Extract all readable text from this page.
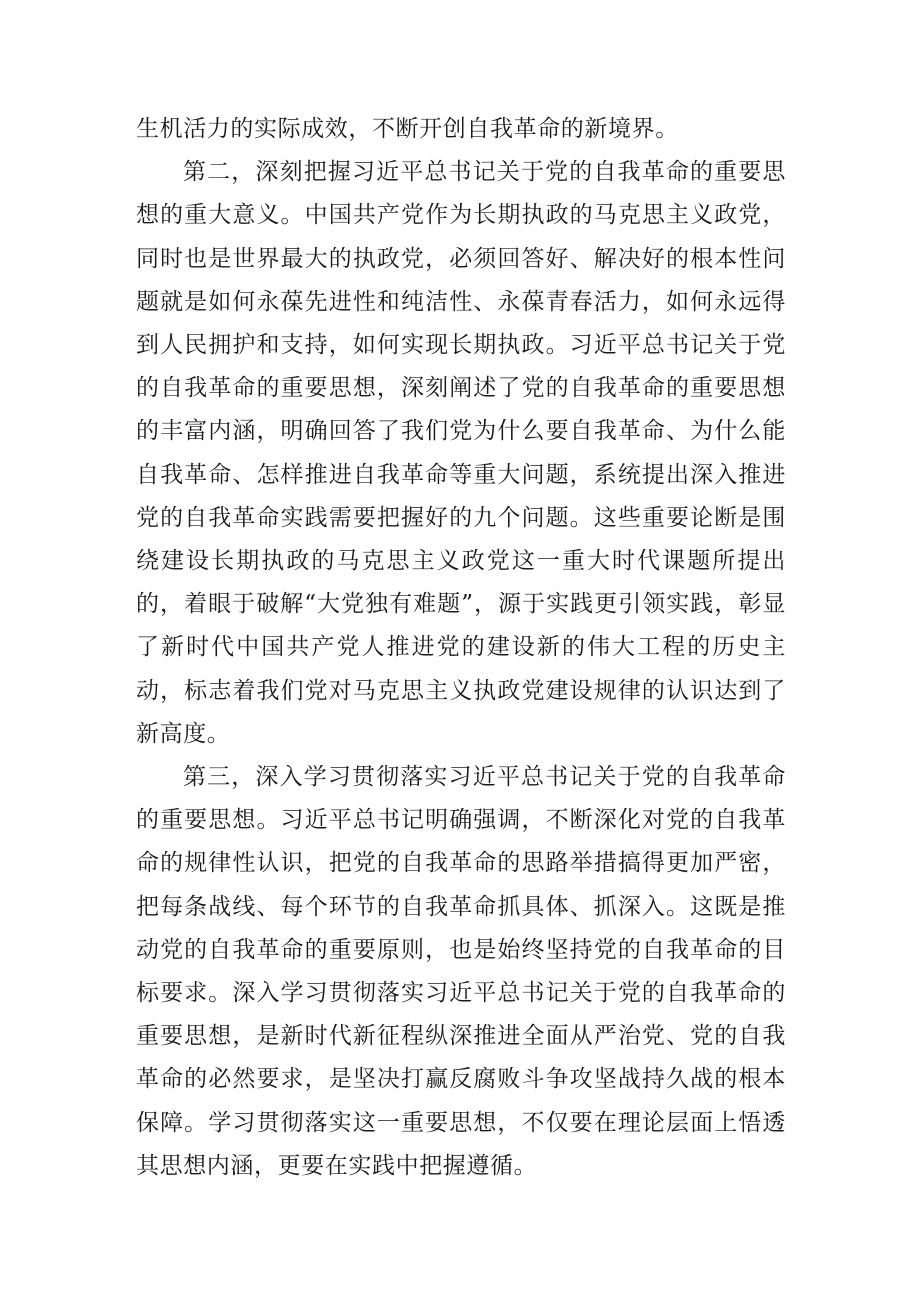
生机活力的实际成效，不断开创自我革命的新境界。

第二，深刻把握习近平总书记关于党的自我革命的重要思想的重大意义。中国共产党作为长期执政的马克思主义政党，同时也是世界最大的执政党，必须回答好、解决好的根本性问题就是如何永葆先进性和纯洁性、永葆青春活力，如何永远得到人民拥护和支持，如何实现长期执政。习近平总书记关于党的自我革命的重要思想，深刻阐述了党的自我革命的重要思想的丰富内涵，明确回答了我们党为什么要自我革命、为什么能自我革命、怎样推进自我革命等重大问题，系统提出深入推进党的自我革命实践需要把握好的九个问题。这些重要论断是围绕建设长期执政的马克思主义政党这一重大时代课题所提出的，着眼于破解“大党独有难题”，源于实践更引领实践，彰显了新时代中国共产党人推进党的建设新的伟大工程的历史主动，标志着我们党对马克思主义执政党建设规律的认识达到了新高度。

第三，深入学习贯彻落实习近平总书记关于党的自我革命的重要思想。习近平总书记明确强调，不断深化对党的自我革命的规律性认识，把党的自我革命的思路举措搞得更加严密，把每条战线、每个环节的自我革命抓具体、抓深入。这既是推动党的自我革命的重要原则，也是始终坚持党的自我革命的目标要求。深入学习贯彻落实习近平总书记关于党的自我革命的重要思想，是新时代新征程纵深推进全面从严治党、党的自我革命的必然要求，是坚决打赢反腐败斗争攻坚战持久战的根本保障。学习贯彻落实这一重要思想，不仅要在理论层面上悟透其思想内涵，更要在实践中把握遵循。
